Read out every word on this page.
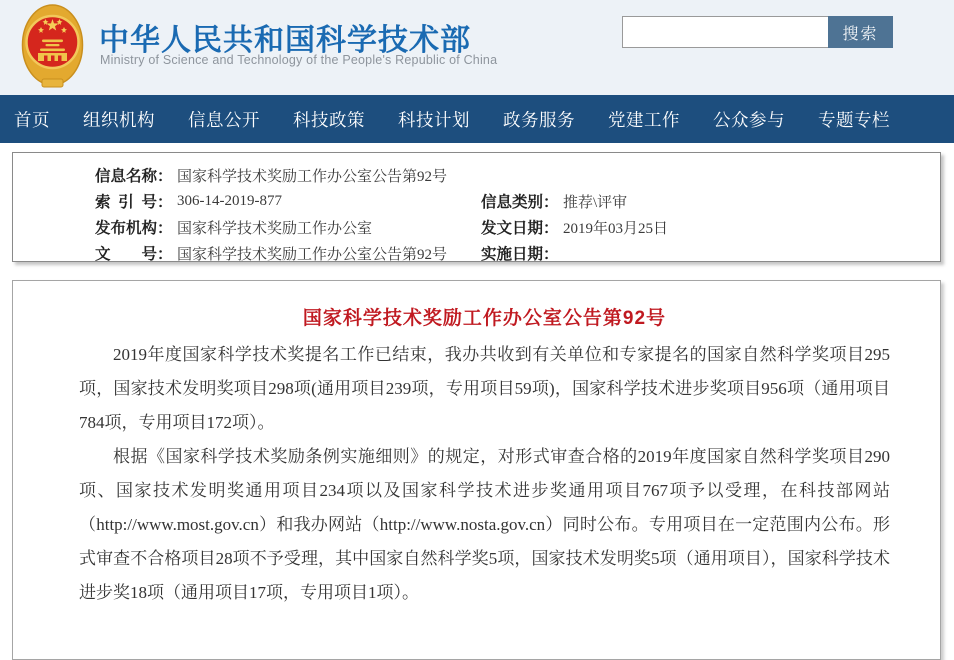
中华人民共和国科学技术部
Ministry of Science and Technology of the People's Republic of China
搜索
首页 组织机构 信息公开 科技政策 科技计划 政务服务 党建工作 公众参与 专题专栏
信息名称： 国家科学技术奖励工作办公室公告第92号
索引号： 306-14-2019-877	信息类别： 推荐\评审
发布机构： 国家科学技术奖励工作办公室	发文日期： 2019年03月25日
文号： 国家科学技术奖励工作办公室公告第92号	实施日期：
国家科学技术奖励工作办公室公告第92号

2019年度国家科学技术奖提名工作已结束，我办共收到有关单位和专家提名的国家自然科学奖项目295项，国家技术发明奖项目298项(通用项目239项，专用项目59项)，国家科学技术进步奖项目956项（通用项目784项，专用项目172项）。

根据《国家科学技术奖励条例实施细则》的规定，对形式审查合格的2019年度国家自然科学奖项目290项、国家技术发明奖通用项目234项以及国家科学技术进步奖通用项目767项予以受理，在科技部网站（http://www.most.gov.cn）和我办网站（http://www.nosta.gov.cn）同时公布。专用项目在一定范围内公布。形式审查不合格项目28项不予受理，其中国家自然科学奖5项，国家技术发明奖5项（通用项目），国家科学技术进步奖18项（通用项目17项，专用项目1项）。
